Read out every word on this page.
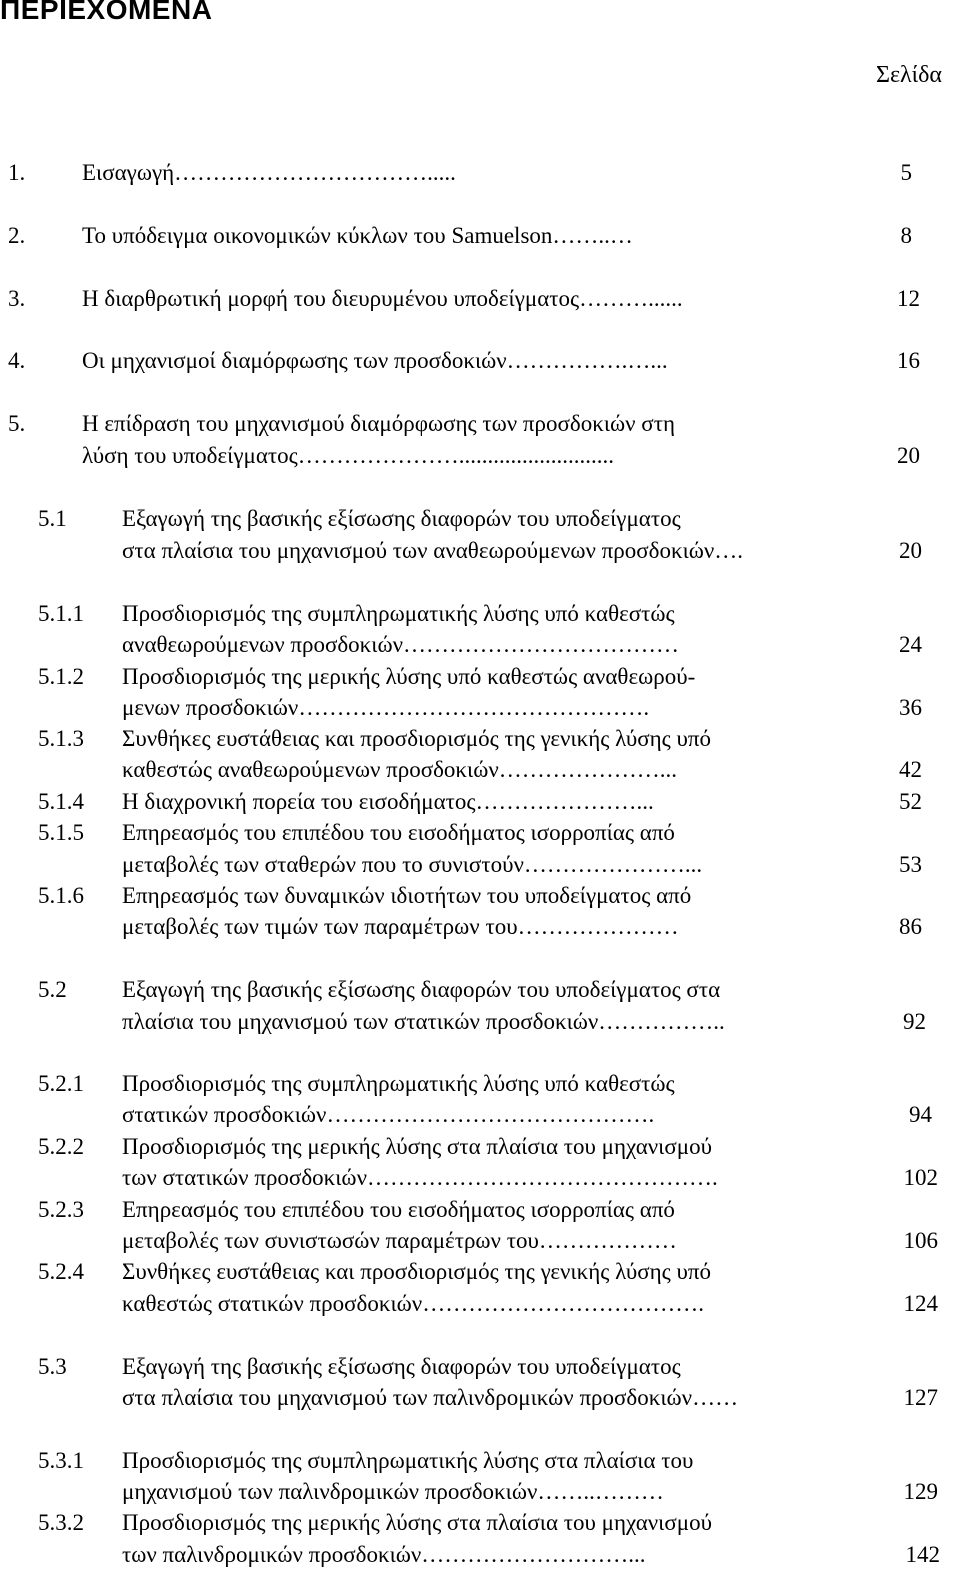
ΠΕΡΙΕΧΟΜΕΝΑ
Σελίδα
1. Εισαγωγή…………………………….....	5
2. Το υπόδειγμα οικονομικών κύκλων του Samuelson……..…	8
3. Η διαρθρωτική μορφή του διευρυμένου υποδείγματος………......	12
4. Οι μηχανισμοί διαμόρφωσης των προσδοκιών…………….…...	16
5. Η επίδραση του μηχανισμού διαμόρφωσης των προσδοκιών στη
λύση του υποδείγματος…………………...........................	20
5.1 Εξαγωγή της βασικής εξίσωσης διαφορών του υποδείγματος
στα πλαίσια του μηχανισμού των αναθεωρούμενων προσδοκιών….	20
5.1.1 Προσδιορισμός της συμπληρωματικής λύσης υπό καθεστώς
αναθεωρούμενων προσδοκιών………………………………	24
5.1.2 Προσδιορισμός της μερικής λύσης υπό καθεστώς αναθεωρού-
μενων προσδοκιών……………………………………….	36
5.1.3 Συνθήκες ευστάθειας και προσδιορισμός της γενικής λύσης υπό
καθεστώς αναθεωρούμενων προσδοκιών…………………...	42
5.1.4 Η διαχρονική πορεία του εισοδήματος…………………...	52
5.1.5 Επηρεασμός του επιπέδου του εισοδήματος ισορροπίας από
μεταβολές των σταθερών που το συνιστούν…………………...	53
5.1.6 Επηρεασμός των δυναμικών ιδιοτήτων του υποδείγματος από
μεταβολές των τιμών των παραμέτρων του…………………	86
5.2 Εξαγωγή της βασικής εξίσωσης διαφορών του υποδείγματος στα
πλαίσια του μηχανισμού των στατικών προσδοκιών……………..	92
5.2.1 Προσδιορισμός της συμπληρωματικής λύσης υπό καθεστώς
στατικών προσδοκιών…………………………………….	94
5.2.2 Προσδιορισμός της μερικής λύσης στα πλαίσια του μηχανισμού
των στατικών προσδοκιών……………………………………….	102
5.2.3 Επηρεασμός του επιπέδου του εισοδήματος ισορροπίας από
μεταβολές των συνιστωσών παραμέτρων του………………	106
5.2.4 Συνθήκες ευστάθειας και προσδιορισμός της γενικής λύσης υπό
καθεστώς στατικών προσδοκιών……………………………….	124
5.3 Εξαγωγή της βασικής εξίσωσης διαφορών του υποδείγματος
στα πλαίσια του μηχανισμού των παλινδρομικών προσδοκιών……	127
5.3.1 Προσδιορισμός της συμπληρωματικής λύσης στα πλαίσια του
μηχανισμού των παλινδρομικών προσδοκιών……..………	129
5.3.2 Προσδιορισμός της μερικής λύσης στα πλαίσια του μηχανισμού
των παλινδρομικών προσδοκιών………………………...	142
